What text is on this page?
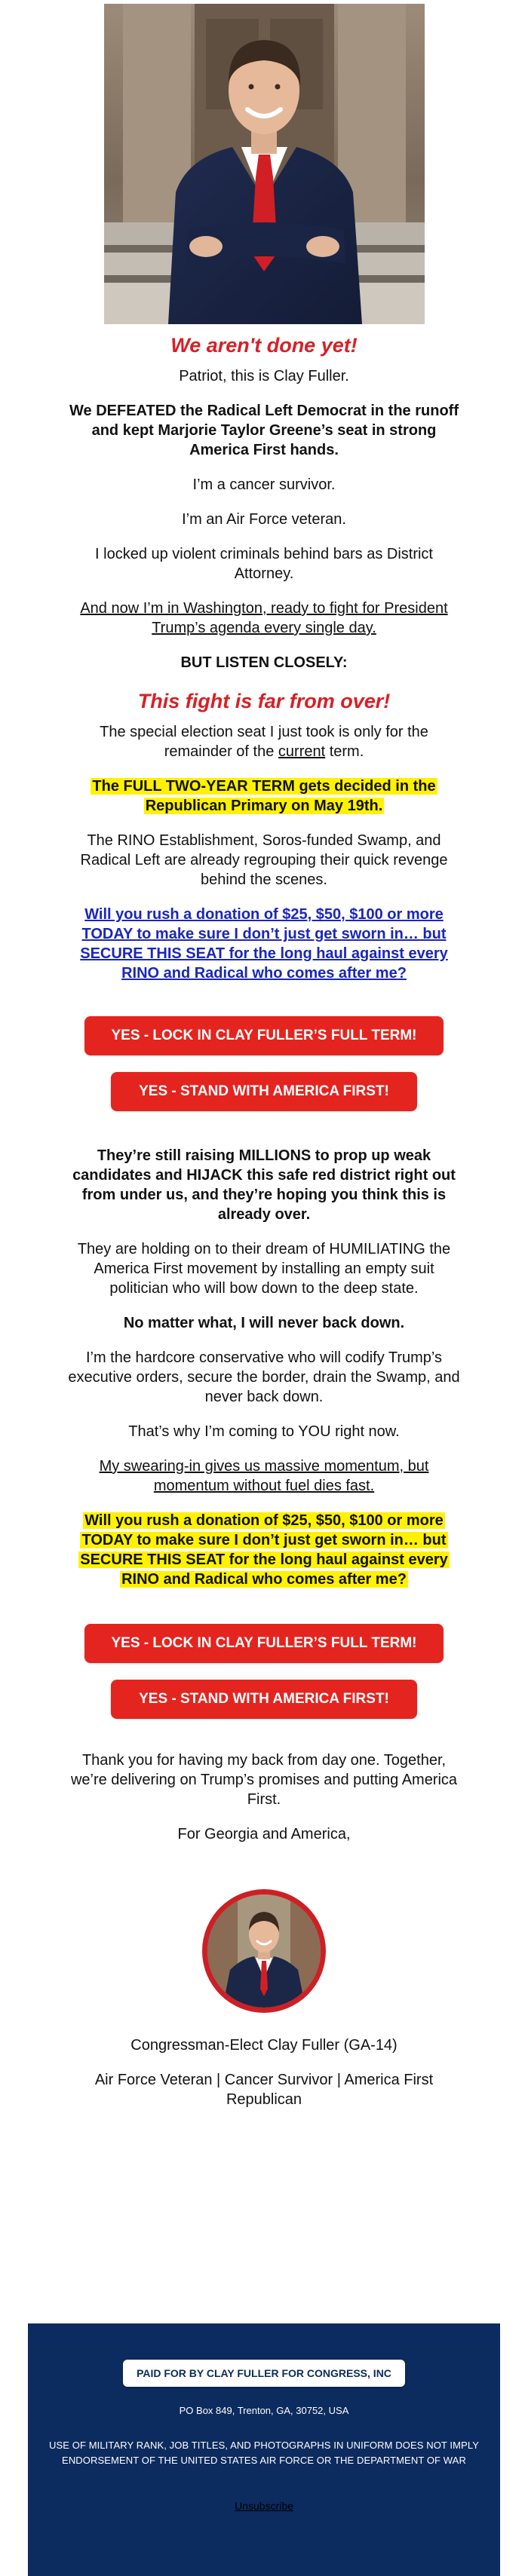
We aren't done yet!

Patriot, this is Clay Fuller.

We DEFEATED the Radical Left Democrat in the runoff and kept Marjorie Taylor Greene’s seat in strong America First hands.

I’m a cancer survivor.

I’m an Air Force veteran.

I locked up violent criminals behind bars as District Attorney.

And now I’m in Washington, ready to fight for President Trump’s agenda every single day.

BUT LISTEN CLOSELY:

This fight is far from over!

The special election seat I just took is only for the remainder of the current term.

The FULL TWO-YEAR TERM gets decided in the Republican Primary on May 19th.

The RINO Establishment, Soros-funded Swamp, and Radical Left are already regrouping their quick revenge behind the scenes.

Will you rush a donation of $25, $50, $100 or more TODAY to make sure I don’t just get sworn in… but SECURE THIS SEAT for the long haul against every RINO and Radical who comes after me?
YES - LOCK IN CLAY FULLER’S FULL TERM!
YES - STAND WITH AMERICA FIRST!

They’re still raising MILLIONS to prop up weak candidates and HIJACK this safe red district right out from under us, and they’re hoping you think this is already over.

They are holding on to their dream of HUMILIATING the America First movement by installing an empty suit politician who will bow down to the deep state.

No matter what, I will never back down.

I’m the hardcore conservative who will codify Trump’s executive orders, secure the border, drain the Swamp, and never back down.

That’s why I’m coming to YOU right now.

My swearing-in gives us massive momentum, but momentum without fuel dies fast.

Will you rush a donation of $25, $50, $100 or more TODAY to make sure I don’t just get sworn in… but SECURE THIS SEAT for the long haul against every RINO and Radical who comes after me?

YES - LOCK IN CLAY FULLER’S FULL TERM!
YES - STAND WITH AMERICA FIRST!

Thank you for having my back from day one. Together, we’re delivering on Trump’s promises and putting America First.

For Georgia and America,

Congressman-Elect Clay Fuller (GA-14)

Air Force Veteran | Cancer Survivor | America First Republican

PAID FOR BY CLAY FULLER FOR CONGRESS, INC
PO Box 849, Trenton, GA, 30752, USA
USE OF MILITARY RANK, JOB TITLES, AND PHOTOGRAPHS IN UNIFORM DOES NOT IMPLY ENDORSEMENT OF THE UNITED STATES AIR FORCE OR THE DEPARTMENT OF WAR
Unsubscribe
